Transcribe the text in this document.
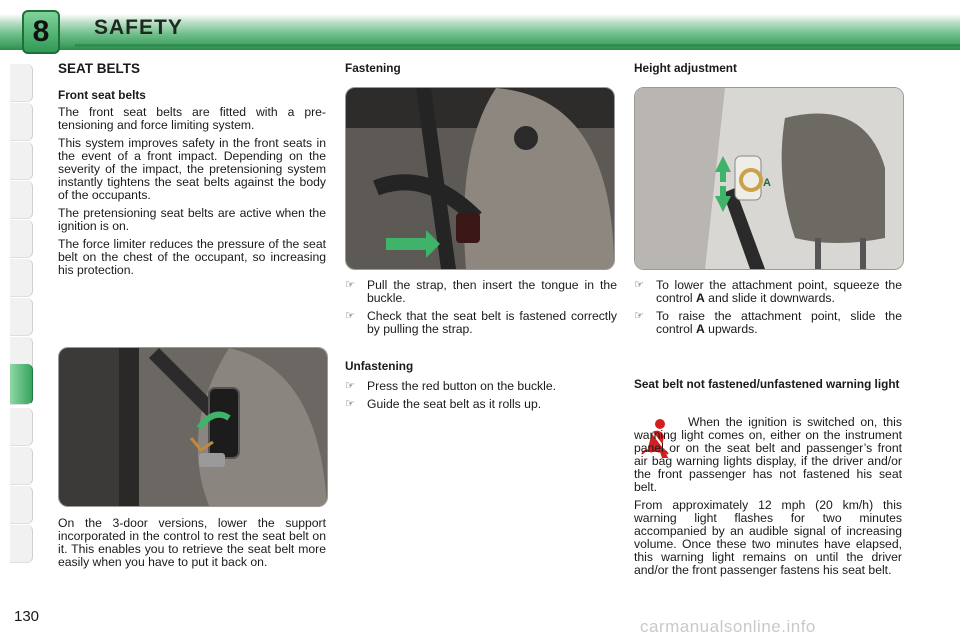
8	SAFETY
SEAT BELTS
Front seat belts

The front seat belts are fitted with a pre-tensioning and force limiting system.

This system improves safety in the front seats in the event of a front impact. Depending on the severity of the impact, the pretensioning system instantly tightens the seat belts against the body of the occupants.

The pretensioning seat belts are active when the ignition is on.

The force limiter reduces the pressure of the seat belt on the chest of the occupant, so increasing his protection.

On the 3-door versions, lower the support incorporated in the control to rest the seat belt on it. This enables you to retrieve the seat belt more easily when you have to put it back on.

Fastening
☞ Pull the strap, then insert the tongue in the buckle.
☞ Check that the seat belt is fastened correctly by pulling the strap.
Unfastening
☞ Press the red button on the buckle.
☞ Guide the seat belt as it rolls up.
Height adjustment
A
☞ To lower the attachment point, squeeze the control A and slide it downwards.
☞ To raise the attachment point, slide the control A upwards.
Seat belt not fastened/unfastened warning light

When the ignition is switched on, this warning light comes on, either on the instrument panel or on the seat belt and passenger’s front air bag warning lights display, if the driver and/or the front passenger has not fastened his seat belt.

From approximately 12 mph (20 km/h) this warning light flashes for two minutes accompanied by an audible signal of increasing volume. Once these two minutes have elapsed, this warning light remains on until the driver and/or the front passenger fastens his seat belt.

130
carmanualsonline.info
